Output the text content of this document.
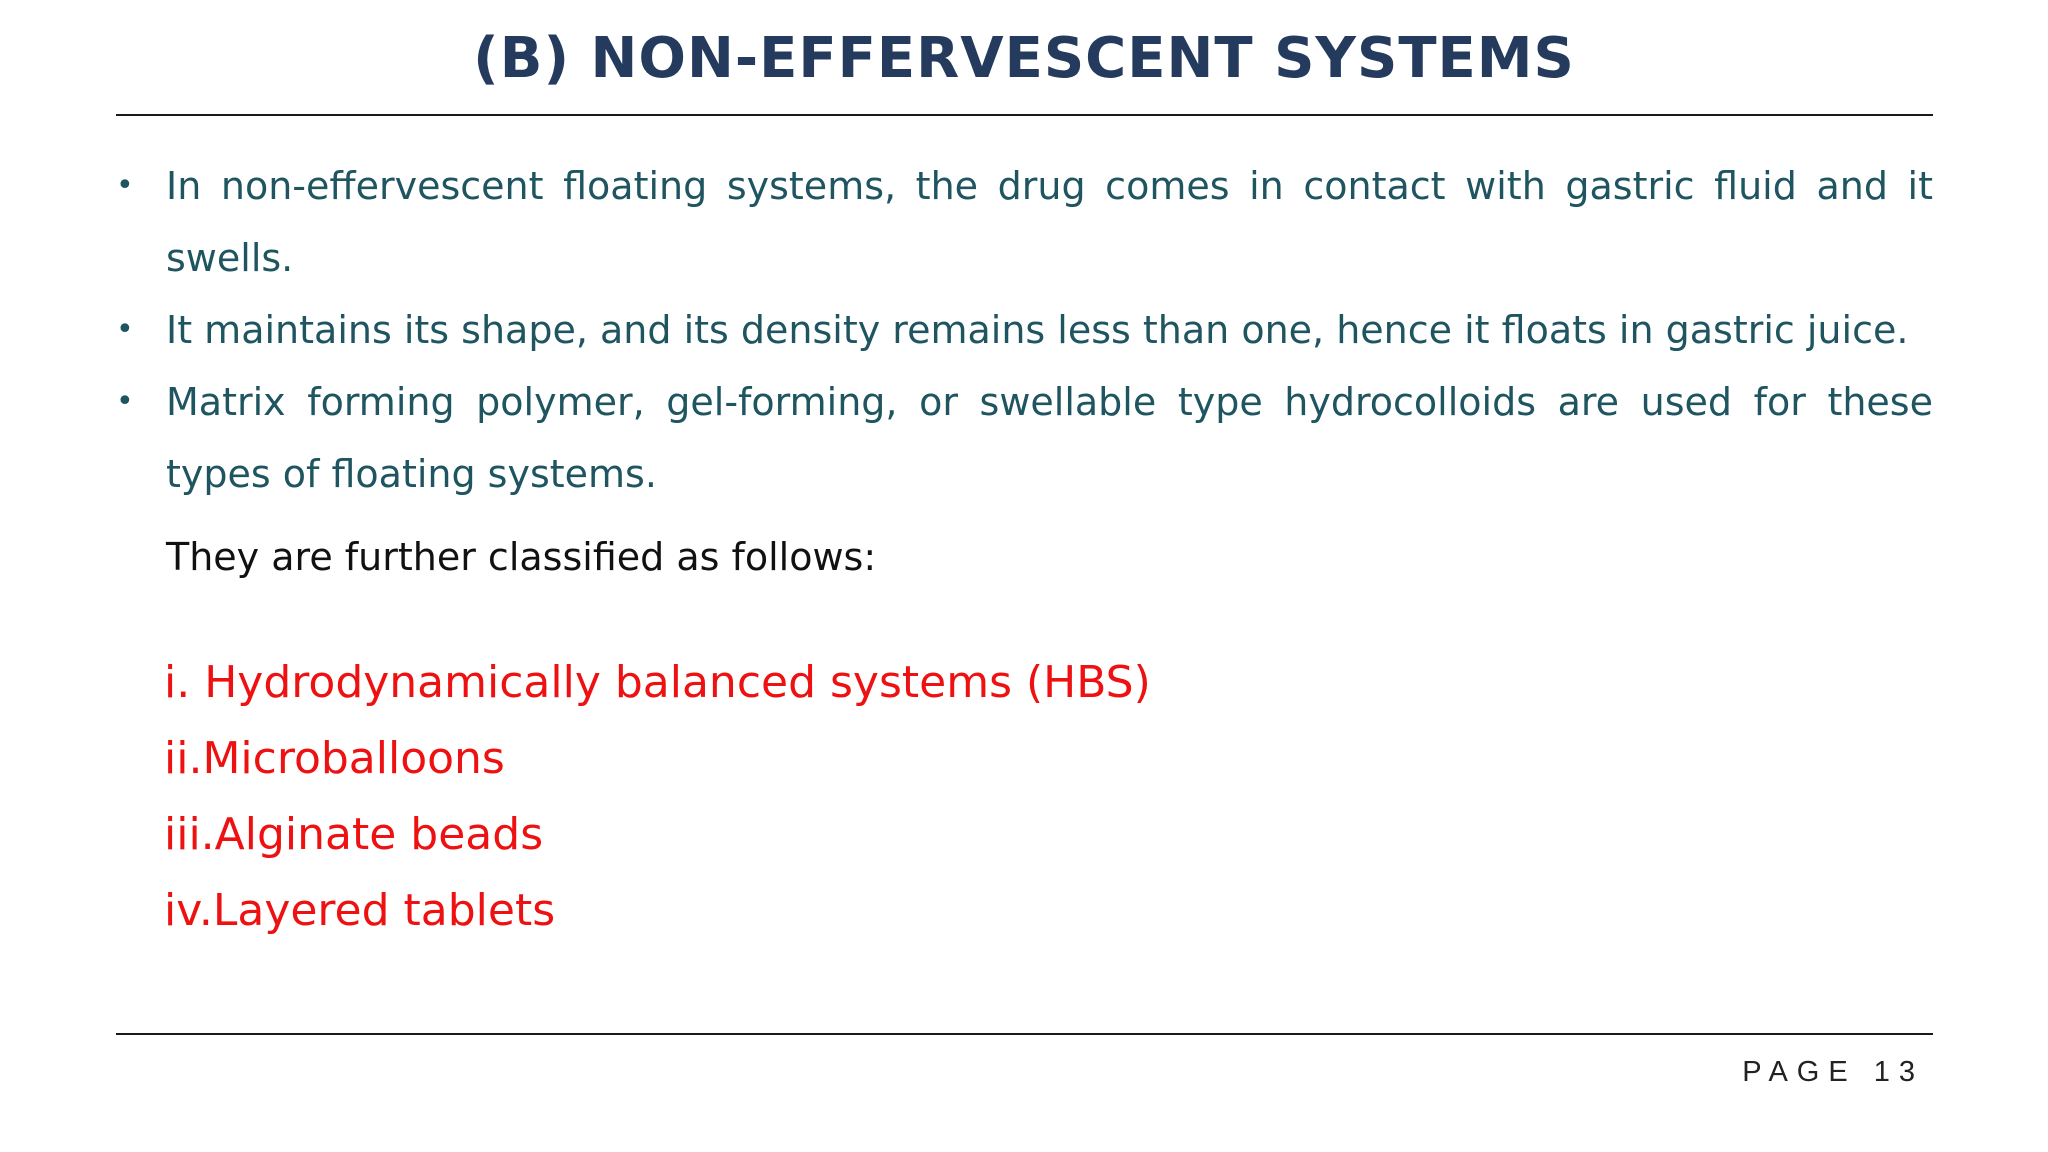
(B) NON-EFFERVESCENT SYSTEMS
• In non-effervescent floating systems, the drug comes in contact with gastric fluid and it swells.
• It maintains its shape, and its density remains less than one, hence it floats in gastric juice.
• Matrix forming polymer, gel-forming, or swellable type hydrocolloids are used for these types of floating systems.

They are further classified as follows:

i. Hydrodynamically balanced systems (HBS)
ii.Microballoons
iii.Alginate beads
iv.Layered tablets
PAGE 13
